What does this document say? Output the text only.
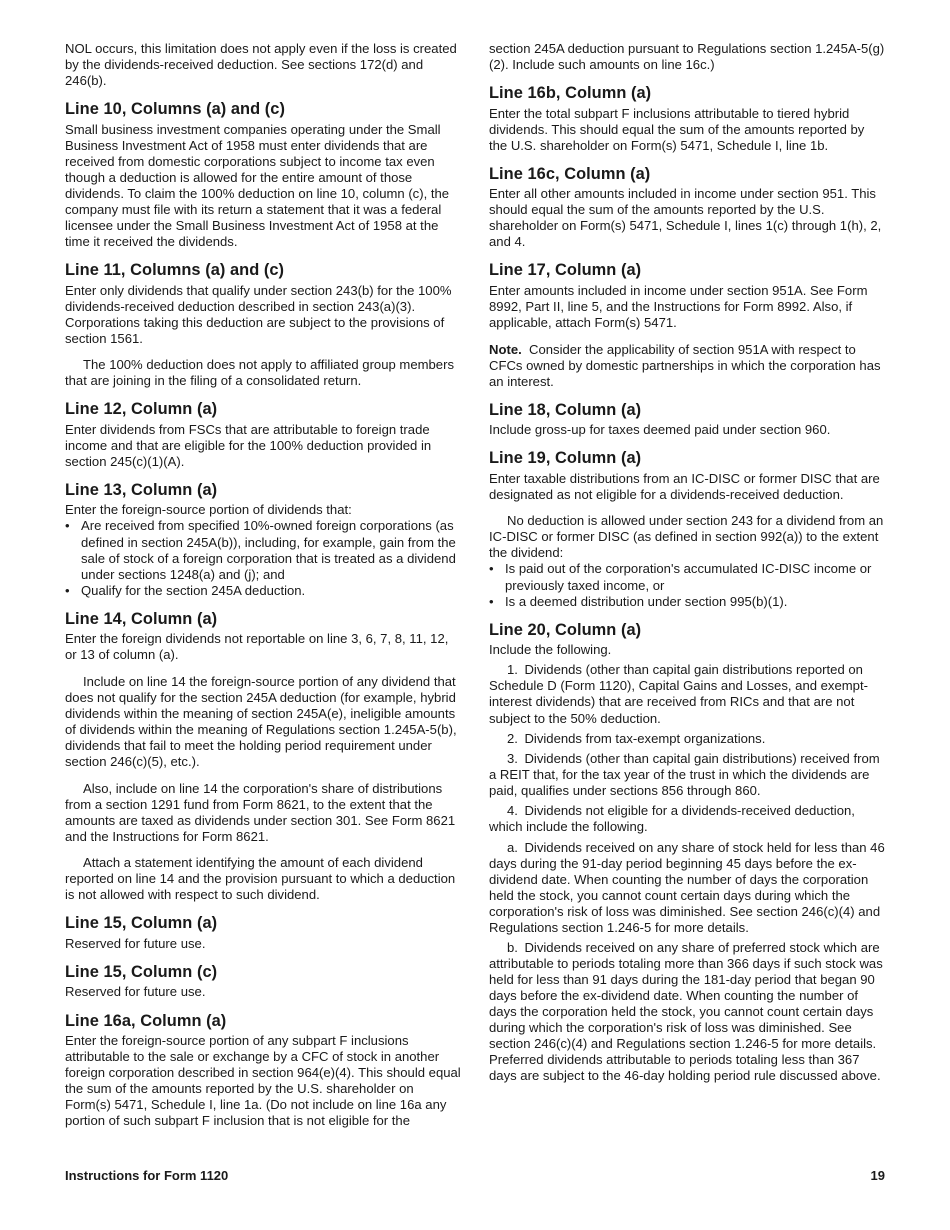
NOL occurs, this limitation does not apply even if the loss is created by the dividends-received deduction. See sections 172(d) and 246(b).

Line 10, Columns (a) and (c)

Small business investment companies operating under the Small Business Investment Act of 1958 must enter dividends that are received from domestic corporations subject to income tax even though a deduction is allowed for the entire amount of those dividends. To claim the 100% deduction on line 10, column (c), the company must file with its return a statement that it was a federal licensee under the Small Business Investment Act of 1958 at the time it received the dividends.

Line 11, Columns (a) and (c)

Enter only dividends that qualify under section 243(b) for the 100% dividends-received deduction described in section 243(a)(3). Corporations taking this deduction are subject to the provisions of section 1561.

The 100% deduction does not apply to affiliated group members that are joining in the filing of a consolidated return.

Line 12, Column (a)

Enter dividends from FSCs that are attributable to foreign trade income and that are eligible for the 100% deduction provided in section 245(c)(1)(A).

Line 13, Column (a)

Enter the foreign-source portion of dividends that:

• Are received from specified 10%-owned foreign corporations (as defined in section 245A(b)), including, for example, gain from the sale of stock of a foreign corporation that is treated as a dividend under sections 1248(a) and (j); and

• Qualify for the section 245A deduction.

Line 14, Column (a)

Enter the foreign dividends not reportable on line 3, 6, 7, 8, 11, 12, or 13 of column (a).

Include on line 14 the foreign-source portion of any dividend that does not qualify for the section 245A deduction (for example, hybrid dividends within the meaning of section 245A(e), ineligible amounts of dividends within the meaning of Regulations section 1.245A-5(b), dividends that fail to meet the holding period requirement under section 246(c)(5), etc.).

Also, include on line 14 the corporation's share of distributions from a section 1291 fund from Form 8621, to the extent that the amounts are taxed as dividends under section 301. See Form 8621 and the Instructions for Form 8621.

Attach a statement identifying the amount of each dividend reported on line 14 and the provision pursuant to which a deduction is not allowed with respect to such dividend.

Line 15, Column (a)

Reserved for future use.

Line 15, Column (c)

Reserved for future use.

Line 16a, Column (a)

Enter the foreign-source portion of any subpart F inclusions attributable to the sale or exchange by a CFC of stock in another foreign corporation described in section 964(e)(4). This should equal the sum of the amounts reported by the U.S. shareholder on Form(s) 5471, Schedule I, line 1a. (Do not include on line 16a any portion of such subpart F inclusion that is not eligible for the

section 245A deduction pursuant to Regulations section 1.245A-5(g)(2). Include such amounts on line 16c.)

Line 16b, Column (a)

Enter the total subpart F inclusions attributable to tiered hybrid dividends. This should equal the sum of the amounts reported by the U.S. shareholder on Form(s) 5471, Schedule I, line 1b.

Line 16c, Column (a)

Enter all other amounts included in income under section 951. This should equal the sum of the amounts reported by the U.S. shareholder on Form(s) 5471, Schedule I, lines 1(c) through 1(h), 2, and 4.

Line 17, Column (a)

Enter amounts included in income under section 951A. See Form 8992, Part II, line 5, and the Instructions for Form 8992. Also, if applicable, attach Form(s) 5471.

Note. Consider the applicability of section 951A with respect to CFCs owned by domestic partnerships in which the corporation has an interest.

Line 18, Column (a)

Include gross-up for taxes deemed paid under section 960.

Line 19, Column (a)

Enter taxable distributions from an IC-DISC or former DISC that are designated as not eligible for a dividends-received deduction.

No deduction is allowed under section 243 for a dividend from an IC-DISC or former DISC (as defined in section 992(a)) to the extent the dividend:

• Is paid out of the corporation's accumulated IC-DISC income or previously taxed income, or

• Is a deemed distribution under section 995(b)(1).

Line 20, Column (a)

Include the following.

1. Dividends (other than capital gain distributions reported on Schedule D (Form 1120), Capital Gains and Losses, and exempt-interest dividends) that are received from RICs and that are not subject to the 50% deduction.

2. Dividends from tax-exempt organizations.

3. Dividends (other than capital gain distributions) received from a REIT that, for the tax year of the trust in which the dividends are paid, qualifies under sections 856 through 860.

4. Dividends not eligible for a dividends-received deduction, which include the following.

a. Dividends received on any share of stock held for less than 46 days during the 91-day period beginning 45 days before the ex-dividend date. When counting the number of days the corporation held the stock, you cannot count certain days during which the corporation's risk of loss was diminished. See section 246(c)(4) and Regulations section 1.246-5 for more details.

b. Dividends received on any share of preferred stock which are attributable to periods totaling more than 366 days if such stock was held for less than 91 days during the 181-day period that began 90 days before the ex-dividend date. When counting the number of days the corporation held the stock, you cannot count certain days during which the corporation's risk of loss was diminished. See section 246(c)(4) and Regulations section 1.246-5 for more details. Preferred dividends attributable to periods totaling less than 367 days are subject to the 46-day holding period rule discussed above.

Instructions for Form 1120	19
